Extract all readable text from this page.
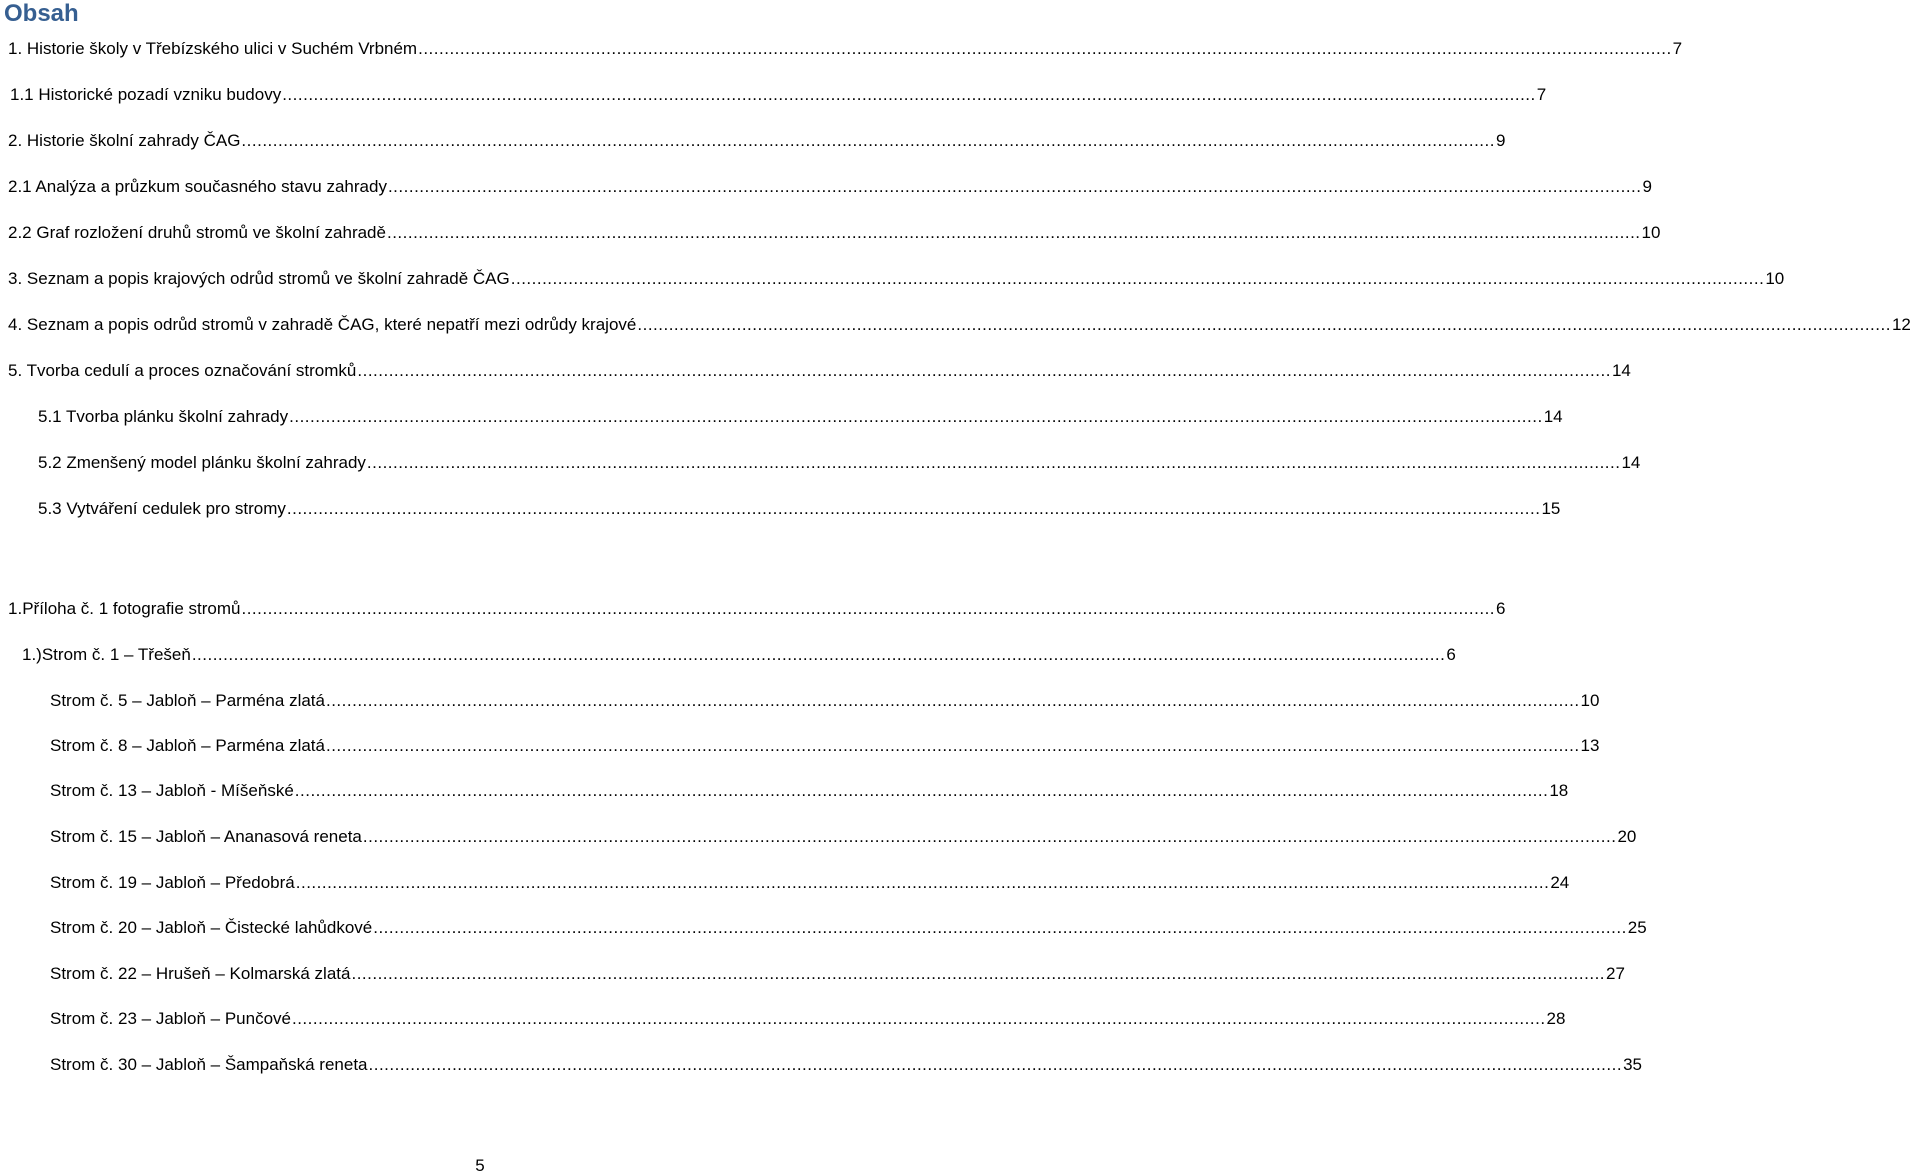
Obsah
1. Historie školy v Třebízského ulici v Suchém Vrbném .....	7
1.1 Historické pozadí vzniku budovy .....	7
2. Historie školní zahrady ČAG .....	9
2.1 Analýza a průzkum současného stavu zahrady .....	9
2.2 Graf rozložení druhů stromů ve školní zahradě .....	10
3. Seznam a popis krajových odrůd stromů ve školní zahradě ČAG .....	10
4. Seznam a popis odrůd stromů v zahradě ČAG, které nepatří mezi odrůdy krajové .....	12
5. Tvorba cedulí a proces označování stromků .....	14
5.1 Tvorba plánku školní zahrady .....	14
5.2 Zmenšený model plánku školní zahrady .....	14
5.3 Vytváření cedulek pro stromy .....	15
1. Příloha č. 1 fotografie stromů .....	6
1.) Strom č. 1 – Třešeň .....	6
Strom č. 5 – Jabloň – Parména zlatá .....	10
Strom č. 8 – Jabloň – Parména zlatá .....	13
Strom č. 13 – Jabloň - Míšeňské .....	18
Strom č. 15 – Jabloň – Ananasová reneta .....	20
Strom č. 19 – Jabloň – Předobrá .....	24
Strom č. 20 – Jabloň – Čistecké lahůdkové .....	25
Strom č. 22 – Hrušeň – Kolmarská zlatá .....	27
Strom č. 23 – Jabloň – Punčové .....	28
Strom č. 30 – Jabloň – Šampaňská reneta .....	35
5
